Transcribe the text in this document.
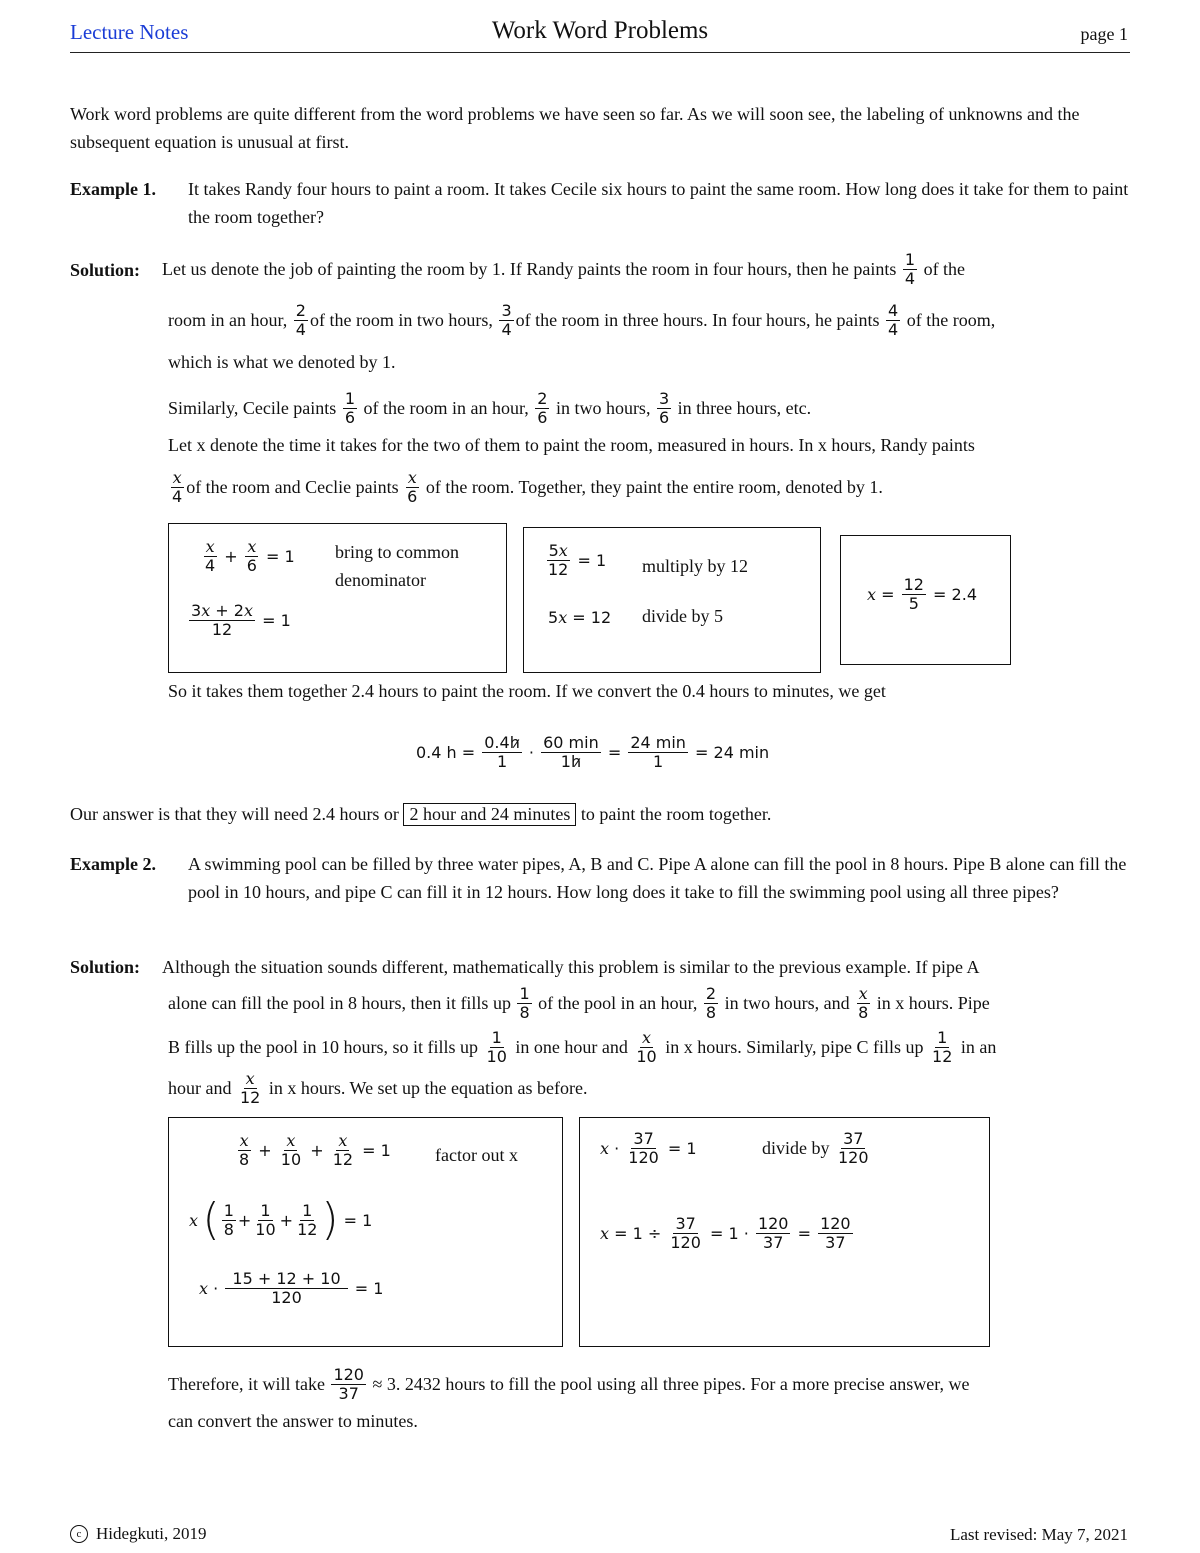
Lecture Notes	Work Word Problems	page 1
Work word problems are quite different from the word problems we have seen so far. As we will soon see, the labeling of unknowns and the subsequent equation is unusual at first.
Example 1. It takes Randy four hours to paint a room. It takes Cecile six hours to paint the same room. How long does it take for them to paint the room together?
Solution: Let us denote the job of painting the room by 1. If Randy paints the room in four hours, then he paints
$\frac{1}{4}$
of the
room in an hour,
$\frac{2}{4}$ of the room in two hours,
$\frac{3}{4}$ of the room in three hours. In four hours, he paints
$\frac{4}{4}$
of the room,
which is what we denoted by 1.
Similarly, Cecile paints
$\frac{1}{6}$
of the room in an hour,
$\frac{2}{6}$
in two hours,
$\frac{3}{6}$
in three hours, etc.
Let x denote the time it takes for the two of them to paint the room, measured in hours. In x hours, Randy paints
$\frac{x}{4}$ of the room and Ceclie paints
$\frac{x}{6}$
of the room. Together, they paint the entire room, denoted by 1.
$\frac{x}{4} + \frac{x}{6} = 1$ bring to common
denominator
$\frac{3x + 2x}{12} = 1$
$\frac{5x}{12} = 1$ multiply by 12
5 x = 12 divide by 5
$x = \frac{12}{5} = 2.4$
So it takes them together 2.4 hours to paint the room. If we convert the 0.4 hours to minutes, we get
0.4 $h = \frac{0.4h}{1} \cdot \frac{60 \min}{1h} = \frac{24 \min}{1} = 24$ min
Our answer is that they will need 2.4 hours or
2 hour and 24 minutes
to paint the room together.
Example 2. A swimming pool can be filled by three water pipes, A, B and C. Pipe A alone can fill the pool in 8 hours. Pipe B alone can fill the pool in 10 hours, and pipe C can fill it in 12 hours. How long does it take to fill the swimming pool using all three pipes?
Solution: Although the situation sounds different, mathematically this problem is similar to the previous example. If pipe A
alone can fill the pool in 8 hours, then it fills up
$\frac{1}{8}$
of the pool in an hour,
$\frac{2}{8}$
in two hours, and
$\frac{x}{8}$
in x hours. Pipe
B fills up the pool in 10 hours, so it fills up
$\frac{1}{10}$
in one hour and
$\frac{x}{10}$
in x hours. Similarly, pipe C fills up
$\frac{1}{12}$
in an
hour and
$\frac{x}{12}$
in x hours. We set up the equation as before.
$\frac{x}{8} + \frac{x}{10} + \frac{x}{12} = 1$ factor out x
x
( $\frac{1}{8} + \frac{1}{10} + \frac{1}{12}$ ) = 1
$x \cdot \frac{15 + 12 + 10}{120} = 1$
$x \cdot \frac{37}{120} = 1$	divide by
$\frac{37}{120}$
$x = 1 \div \frac{37}{120} = 1 \cdot \frac{120}{37} = \frac{120}{37}$
Therefore, it will take
$\frac{120}{37}$
≈ 3. 2432 hours to fill the pool using all three pipes. For a more precise answer, we
can convert the answer to minutes.
c Hidegkuti, 2019	Last revised: May 7, 2021
